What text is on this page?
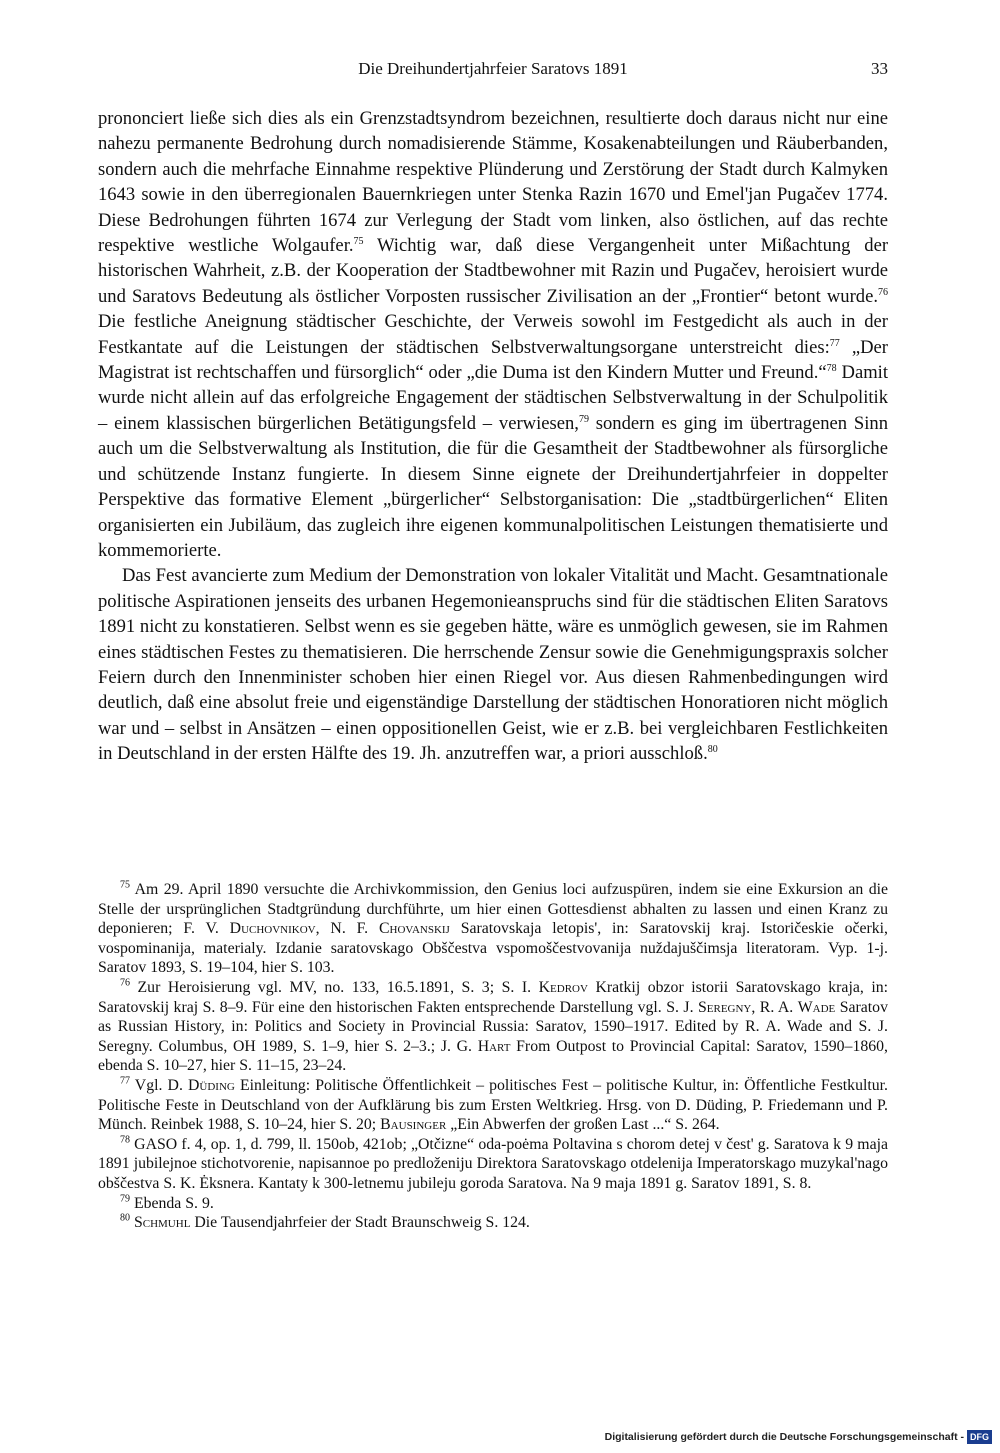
Die Dreihundertjahrfeier Saratovs 1891	33

prononciert ließe sich dies als ein Grenzstadtsyndrom bezeichnen, resultierte doch daraus nicht nur eine nahezu permanente Bedrohung durch nomadisierende Stämme, Kosakenabteilungen und Räuberbanden, sondern auch die mehrfache Einnahme respektive Plünderung und Zerstörung der Stadt durch Kalmyken 1643 sowie in den überregionalen Bauernkriegen unter Stenka Razin 1670 und Emel'jan Pugačev 1774. Diese Bedrohungen führten 1674 zur Verlegung der Stadt vom linken, also östlichen, auf das rechte respektive westliche Wolgaufer.$^{75}$ Wichtig war, daß diese Vergangenheit unter Mißachtung der historischen Wahrheit, z.B. der Kooperation der Stadtbewohner mit Razin und Pugačev, heroisiert wurde und Saratovs Bedeutung als östlicher Vorposten russischer Zivilisation an der „Frontier“ betont wurde.$^{76}$ Die festliche Aneignung städtischer Geschichte, der Verweis sowohl im Festgedicht als auch in der Festkantate auf die Leistungen der städtischen Selbstverwaltungsorgane unterstreicht dies:$^{77}$ „Der Magistrat ist rechtschaffen und fürsorglich“ oder „die Duma ist den Kindern Mutter und Freund.“$^{78}$ Damit wurde nicht allein auf das erfolgreiche Engagement der städtischen Selbstverwaltung in der Schulpolitik – einem klassischen bürgerlichen Betätigungsfeld – verwiesen,$^{79}$ sondern es ging im übertragenen Sinn auch um die Selbstverwaltung als Institution, die für die Gesamtheit der Stadtbewohner als fürsorgliche und schützende Instanz fungierte. In diesem Sinne eignete der Dreihundertjahrfeier in doppelter Perspektive das formative Element „bürgerlicher“ Selbstorganisation: Die „stadtbürgerlichen“ Eliten organisierten ein Jubiläum, das zugleich ihre eigenen kommunalpolitischen Leistungen thematisierte und kommemorierte.

Das Fest avancierte zum Medium der Demonstration von lokaler Vitalität und Macht. Gesamtnationale politische Aspirationen jenseits des urbanen Hegemonieanspruchs sind für die städtischen Eliten Saratovs 1891 nicht zu konstatieren. Selbst wenn es sie gegeben hätte, wäre es unmöglich gewesen, sie im Rahmen eines städtischen Festes zu thematisieren. Die herrschende Zensur sowie die Genehmigungspraxis solcher Feiern durch den Innenminister schoben hier einen Riegel vor. Aus diesen Rahmenbedingungen wird deutlich, daß eine absolut freie und eigenständige Darstellung der städtischen Honoratioren nicht möglich war und – selbst in Ansätzen – einen oppositionellen Geist, wie er z.B. bei vergleichbaren Festlichkeiten in Deutschland in der ersten Hälfte des 19. Jh. anzutreffen war, a priori ausschloß.$^{80}$

$^{75}$ Am 29. April 1890 versuchte die Archivkommission, den Genius loci aufzuspüren, indem sie eine Exkursion an die Stelle der ursprünglichen Stadtgründung durchführte, um hier einen Gottesdienst abhalten zu lassen und einen Kranz zu deponieren; F. V. Duchovnikov, N. F. Chovanskij Saratovskaja letopis', in: Saratovskij kraj. Istoričeskie očerki, vospominanija, materialy. Izdanie saratovskago Obščestva vspomoščestvovanija nuždajuščimsja literatoram. Vyp. 1-j. Saratov 1893, S. 19–104, hier S. 103.

$^{76}$ Zur Heroisierung vgl. MV, no. 133, 16.5.1891, S. 3; S. I. Kedrov Kratkij obzor istorii Saratovskago kraja, in: Saratovskij kraj S. 8–9. Für eine den historischen Fakten entsprechende Darstellung vgl. S. J. Seregny, R. A. Wade Saratov as Russian History, in: Politics and Society in Provincial Russia: Saratov, 1590–1917. Edited by R. A. Wade and S. J. Seregny. Columbus, OH 1989, S. 1–9, hier S. 2–3.; J. G. Hart From Outpost to Provincial Capital: Saratov, 1590–1860, ebenda S. 10–27, hier S. 11–15, 23–24.

$^{77}$ Vgl. D. Düding Einleitung: Politische Öffentlichkeit – politisches Fest – politische Kultur, in: Öffentliche Festkultur. Politische Feste in Deutschland von der Aufklärung bis zum Ersten Weltkrieg. Hrsg. von D. Düding, P. Friedemann und P. Münch. Reinbek 1988, S. 10–24, hier S. 20; Bausinger „Ein Abwerfen der großen Last ...“ S. 264.

$^{78}$ GASO f. 4, op. 1, d. 799, ll. 150ob, 421ob; „Otčizne“ oda-poėma Poltavina s chorom detej v čest' g. Saratova k 9 maja 1891 jubilejnoe stichotvorenie, napisannoe po predloženiju Direktora Saratovskago otdelenija Imperatorskago muzykal'nago obščestva S. K. Ėksnera. Kantaty k 300-letnemu jubileju goroda Saratova. Na 9 maja 1891 g. Saratov 1891, S. 8.

$^{79}$ Ebenda S. 9.

$^{80}$ Schmuhl Die Tausendjahrfeier der Stadt Braunschweig S. 124.

Digitalisierung gefördert durch die Deutsche Forschungsgemeinschaft - DFG
